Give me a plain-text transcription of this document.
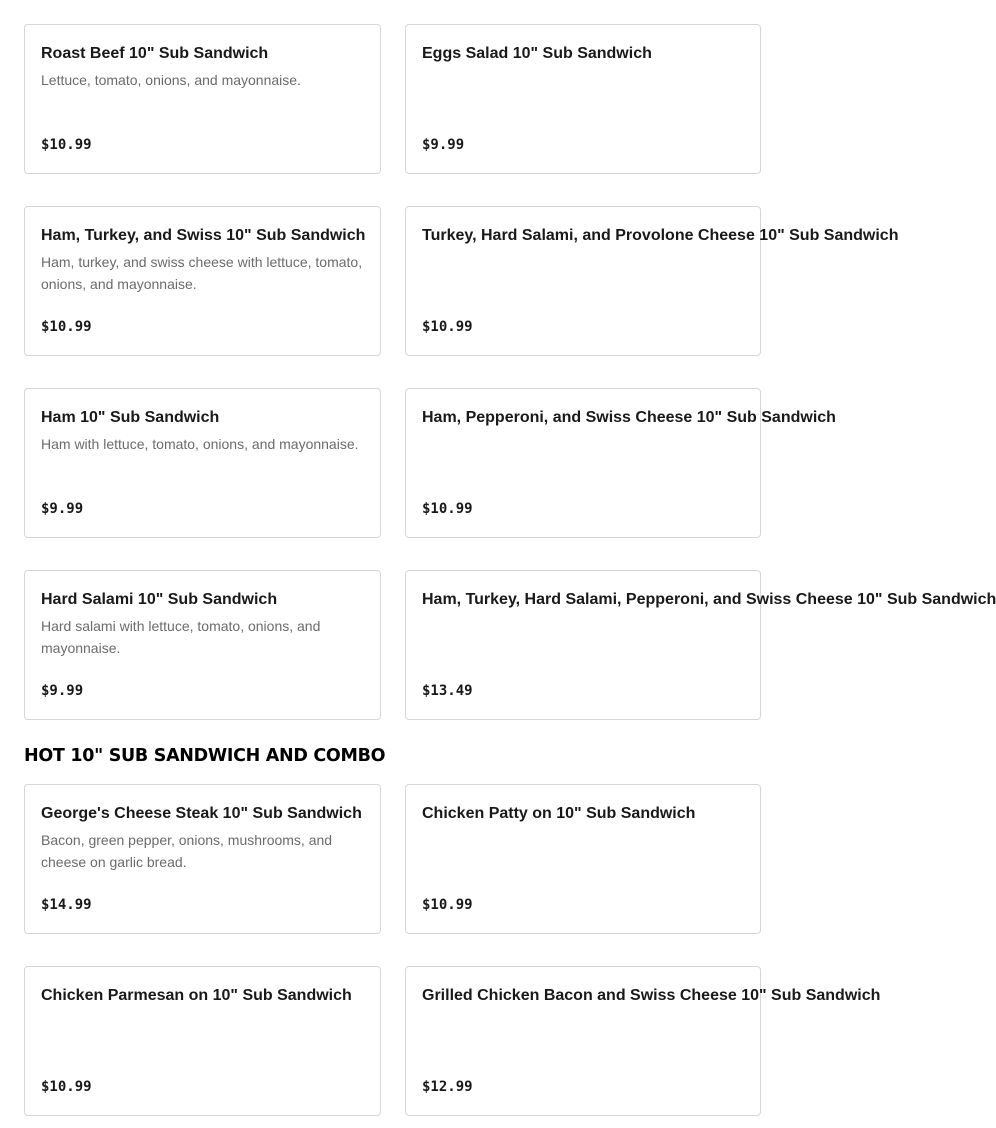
Roast Beef 10" Sub Sandwich
Lettuce, tomato, onions, and mayonnaise.
$10.99
Eggs Salad 10" Sub Sandwich
$9.99
Ham, Turkey, and Swiss 10" Sub Sandwich
Ham, turkey, and swiss cheese with lettuce, tomato, onions, and mayonnaise.
$10.99
Turkey, Hard Salami, and Provolone Cheese 10" Sub Sandwich
$10.99
Ham 10" Sub Sandwich
Ham with lettuce, tomato, onions, and mayonnaise.
$9.99
Ham, Pepperoni, and Swiss Cheese 10" Sub Sandwich
$10.99
Hard Salami 10" Sub Sandwich
Hard salami with lettuce, tomato, onions, and mayonnaise.
$9.99
Ham, Turkey, Hard Salami, Pepperoni, and Swiss Cheese 10" Sub Sandwich
$13.49
HOT 10" SUB SANDWICH AND COMBO
George's Cheese Steak 10" Sub Sandwich
Bacon, green pepper, onions, mushrooms, and cheese on garlic bread.
$14.99
Chicken Patty on 10" Sub Sandwich
$10.99
Chicken Parmesan on 10" Sub Sandwich
$10.99
Grilled Chicken Bacon and Swiss Cheese 10" Sub Sandwich
$12.99
